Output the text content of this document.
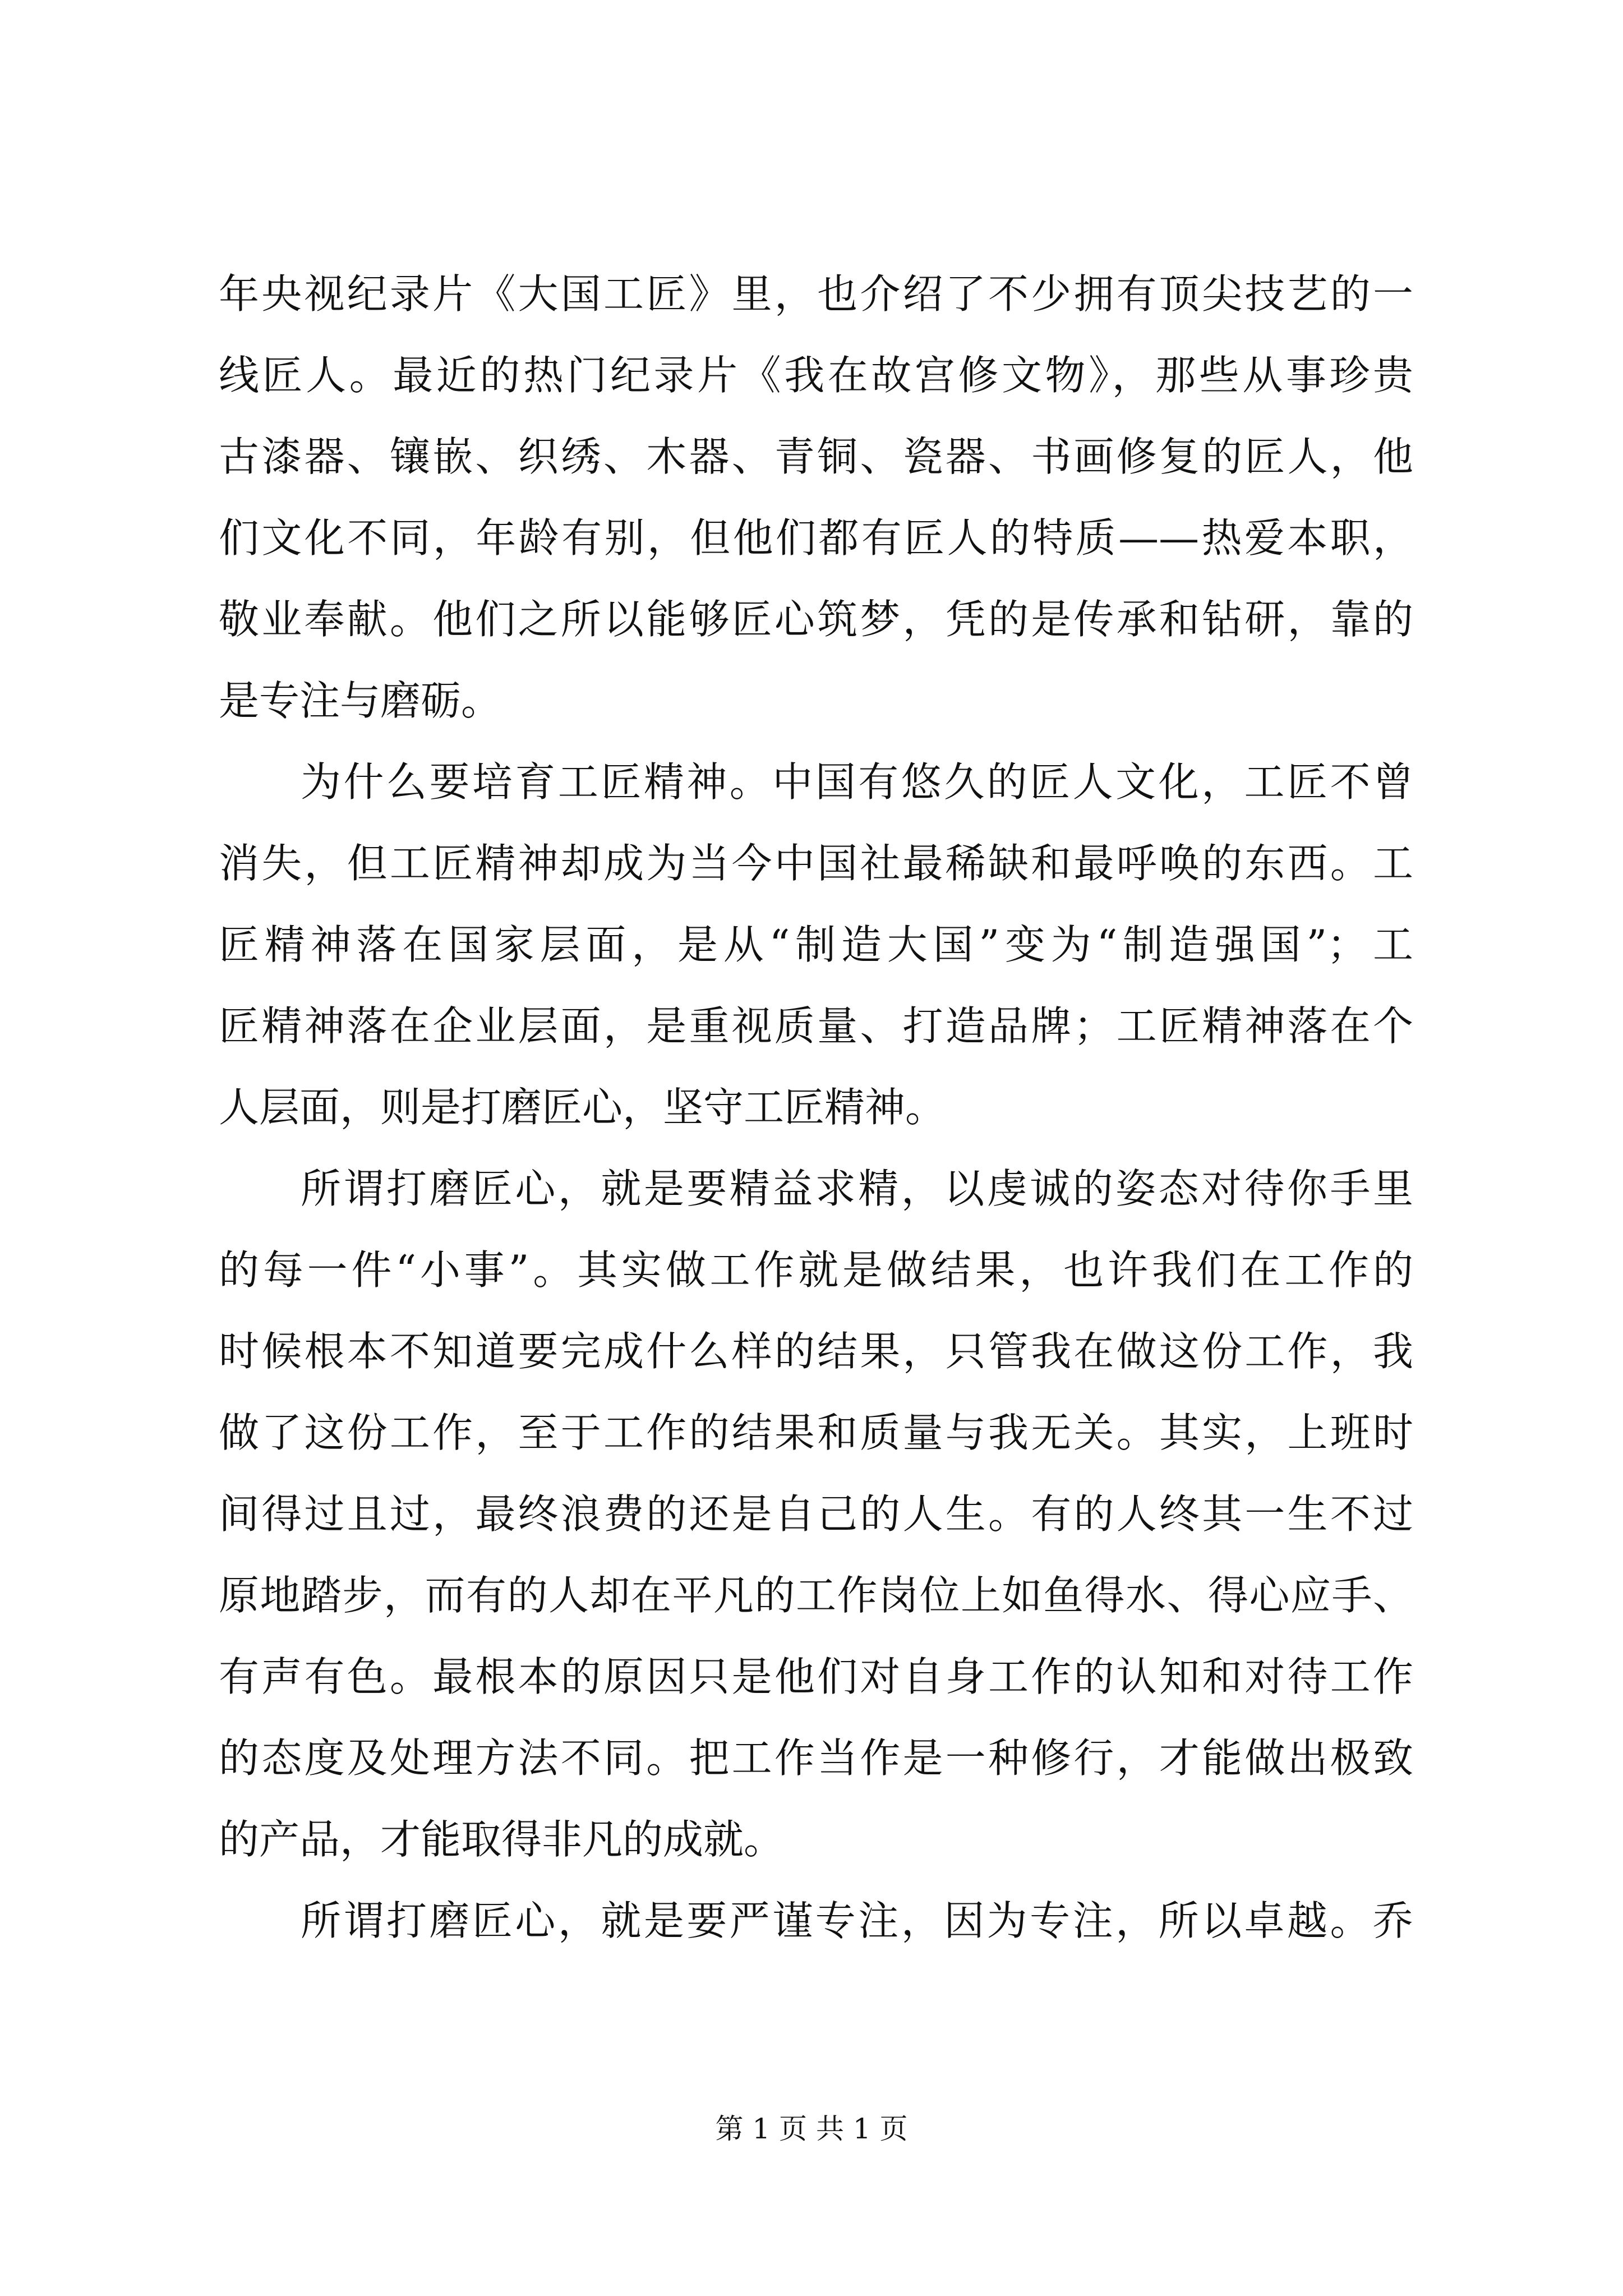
年央视纪录片《大国工匠》里，也介绍了不少拥有顶尖技艺的一
线匠人。最近的热门纪录片《我在故宫修文物》，那些从事珍贵
古漆器、镶嵌、织绣、木器、青铜、瓷器、书画修复的匠人，他
们文化不同，年龄有别，但他们都有匠人的特质——热爱本职，
敬业奉献。他们之所以能够匠心筑梦，凭的是传承和钻研，靠的
是专注与磨砺。
为什么要培育工匠精神。中国有悠久的匠人文化，工匠不曾
消失，但工匠精神却成为当今中国社最稀缺和最呼唤的东西。工
匠精神落在国家层面，是从“制造大国”变为“制造强国”；工
匠精神落在企业层面，是重视质量、打造品牌；工匠精神落在个
人层面，则是打磨匠心，坚守工匠精神。
所谓打磨匠心，就是要精益求精，以虔诚的姿态对待你手里
的每一件“小事”。其实做工作就是做结果，也许我们在工作的
时候根本不知道要完成什么样的结果，只管我在做这份工作，我
做了这份工作，至于工作的结果和质量与我无关。其实，上班时
间得过且过，最终浪费的还是自己的人生。有的人终其一生不过
原地踏步，而有的人却在平凡的工作岗位上如鱼得水、得心应手、
有声有色。最根本的原因只是他们对自身工作的认知和对待工作
的态度及处理方法不同。把工作当作是一种修行，才能做出极致
的产品，才能取得非凡的成就。
所谓打磨匠心，就是要严谨专注，因为专注，所以卓越。乔
第 1 页 共 1 页
